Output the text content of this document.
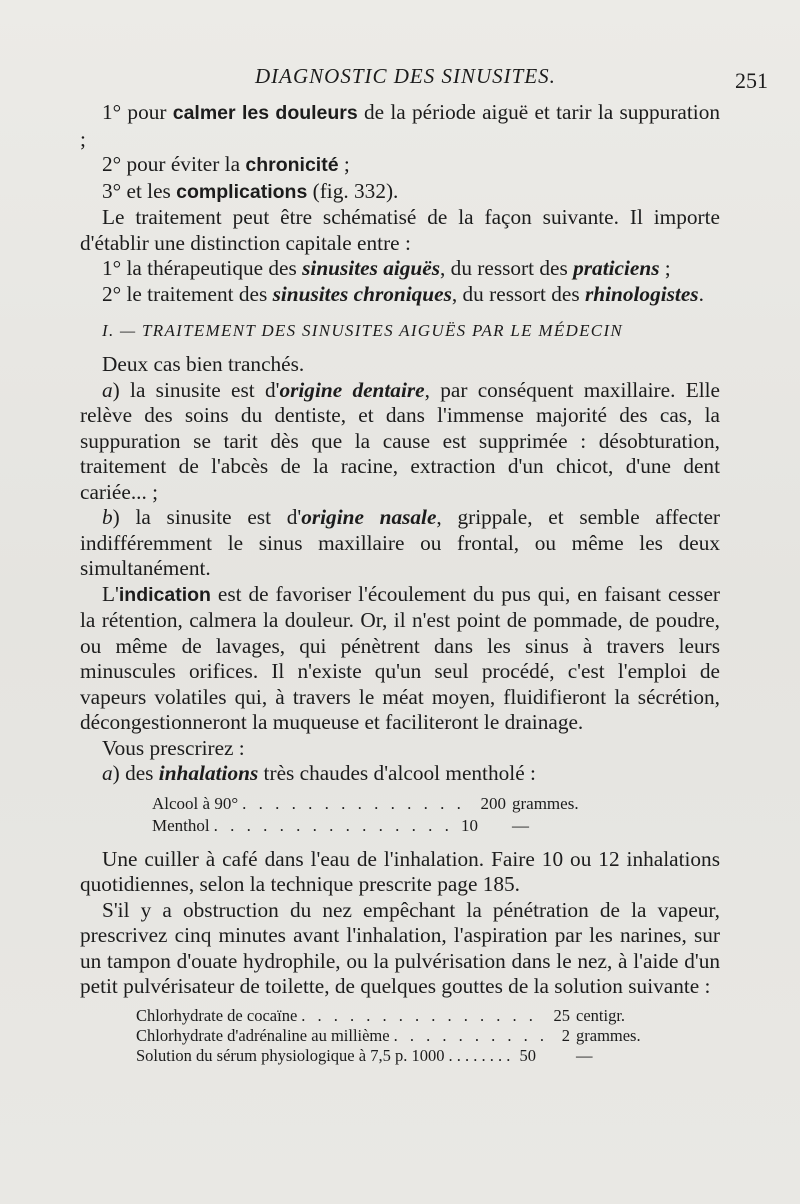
DIAGNOSTIC DES SINUSITES.	251

1° pour calmer les douleurs de la période aiguë et tarir la suppuration ;

2° pour éviter la chronicité ;

3° et les complications (fig. 332).

Le traitement peut être schématisé de la façon suivante. Il importe d'établir une distinction capitale entre :

1° la thérapeutique des sinusites aiguës, du ressort des praticiens ;

2° le traitement des sinusites chroniques, du ressort des rhinologistes.

I. — TRAITEMENT DES SINUSITES AIGUËS PAR LE MÉDECIN

Deux cas bien tranchés.

a) la sinusite est d'origine dentaire, par conséquent maxillaire. Elle relève des soins du dentiste, et dans l'immense majorité des cas, la suppuration se tarit dès que la cause est supprimée : désobturation, traitement de l'abcès de la racine, extraction d'un chicot, d'une dent cariée... ;

b) la sinusite est d'origine nasale, grippale, et semble affecter indifféremment le sinus maxillaire ou frontal, ou même les deux simultanément.

L'indication est de favoriser l'écoulement du pus qui, en faisant cesser la rétention, calmera la douleur. Or, il n'est point de pommade, de poudre, ou même de lavages, qui pénètrent dans les sinus à travers leurs minuscules orifices. Il n'existe qu'un seul procédé, c'est l'emploi de vapeurs volatiles qui, à travers le méat moyen, fluidifieront la sécrétion, décongestionneront la muqueuse et faciliteront le drainage.

Vous prescrirez :

a) des inhalations très chaudes d'alcool mentholé :

Alcool à 90° . . .	200 grammes.
Menthol . . .	10	—

Une cuiller à café dans l'eau de l'inhalation. Faire 10 ou 12 inhalations quotidiennes, selon la technique prescrite page 185.

S'il y a obstruction du nez empêchant la pénétration de la vapeur, prescrivez cinq minutes avant l'inhalation, l'aspiration par les narines, sur un tampon d'ouate hydrophile, ou la pulvérisation dans le nez, à l'aide d'un petit pulvérisateur de toilette, de quelques gouttes de la solution suivante :

Chlorhydrate de cocaïne . . .	25 centigr.
Chlorhydrate d'adrénaline au millième . . .	2 grammes.
Solution du sérum physiologique à 7,5 p. 1000 . . .	50	—
